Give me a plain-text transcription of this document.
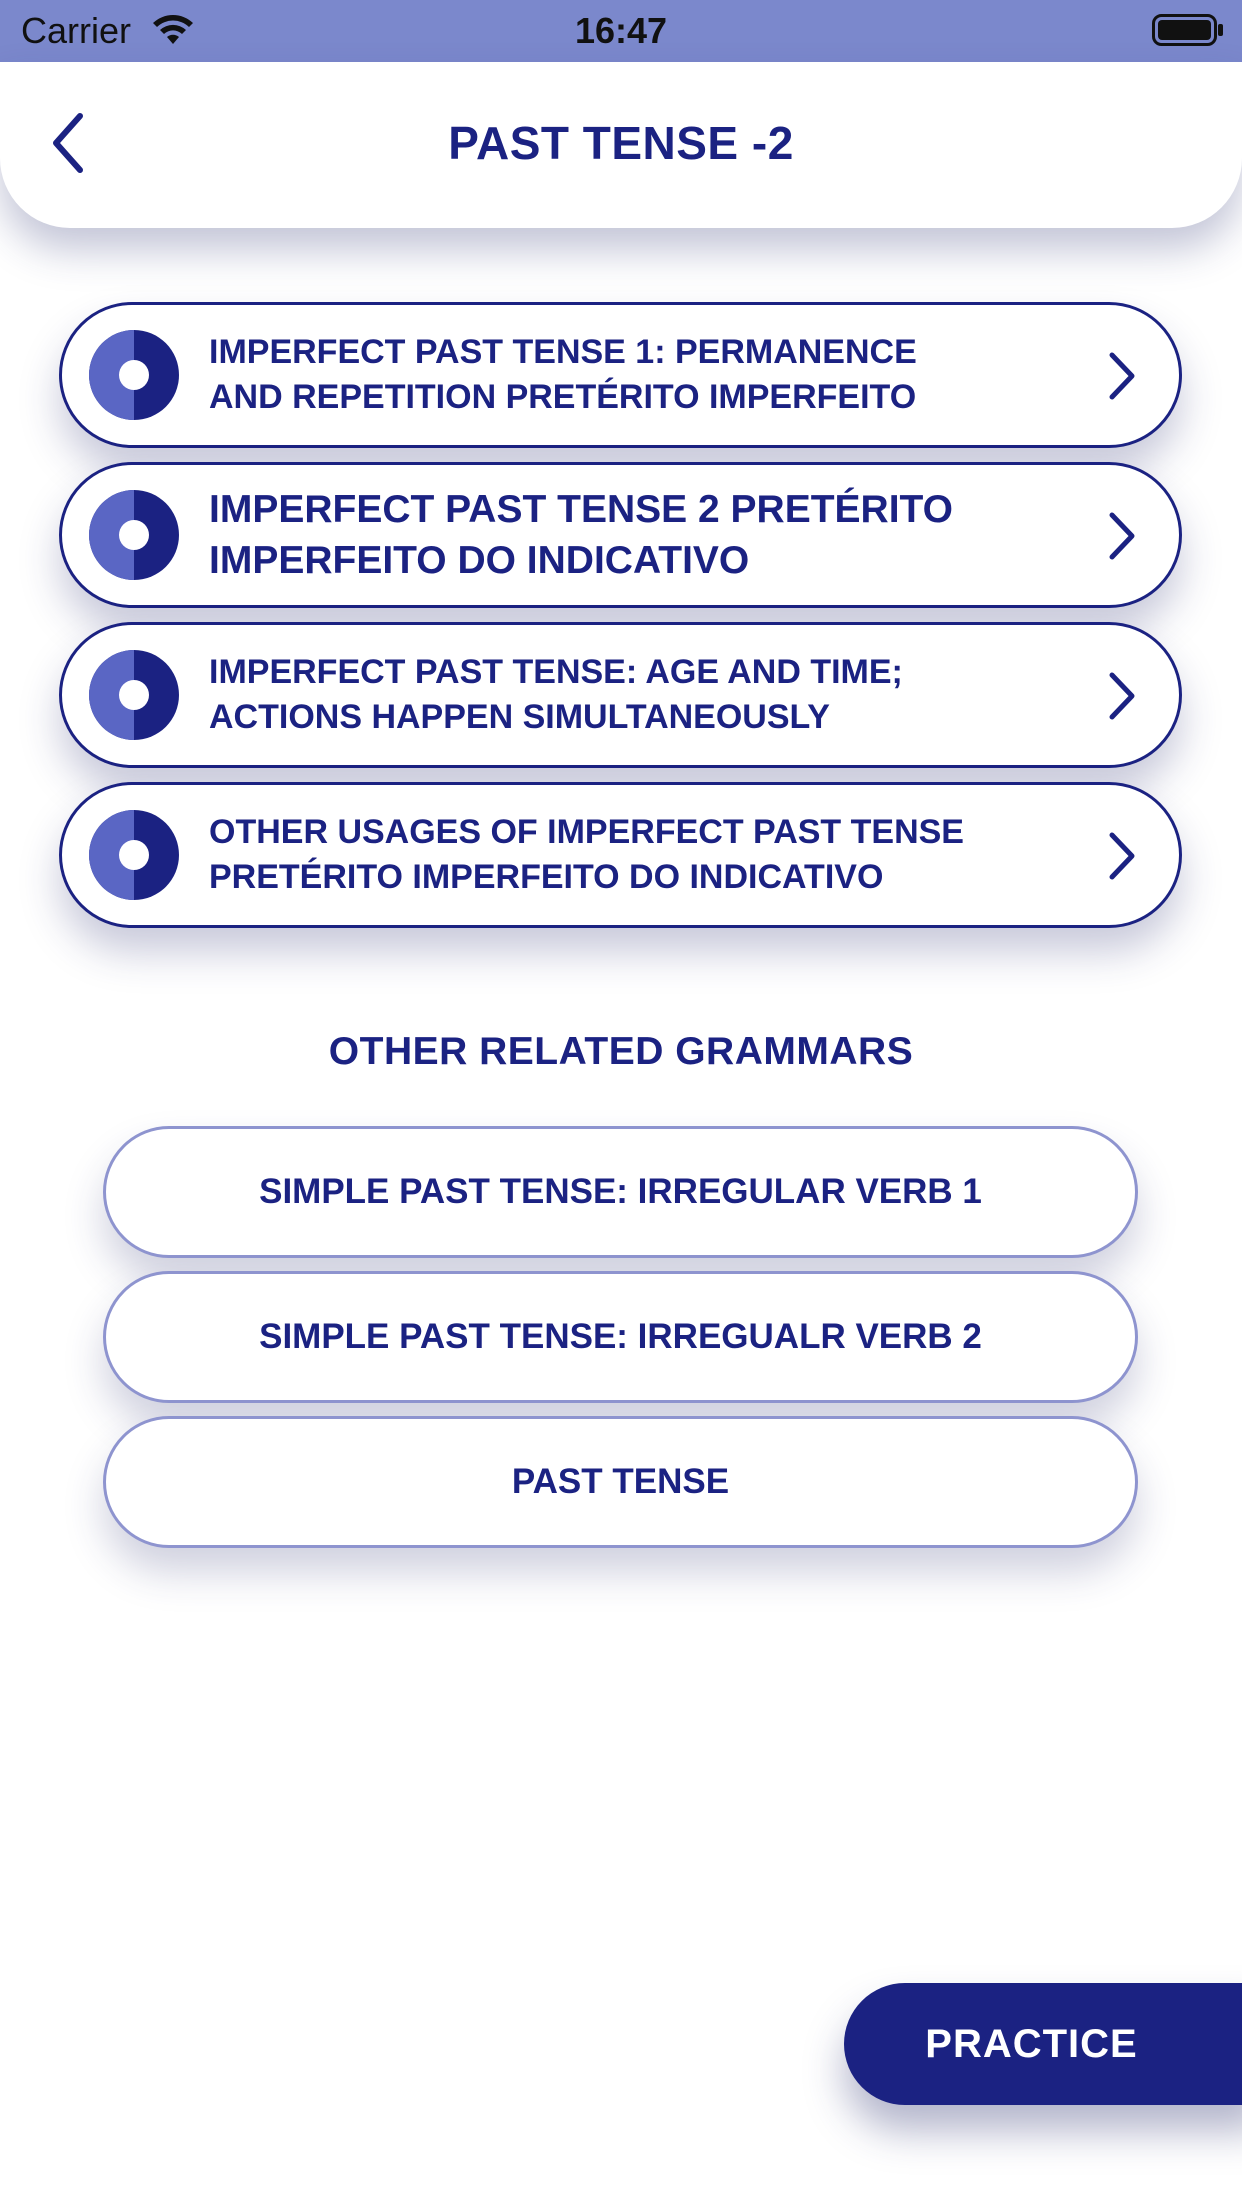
Carrier	16:47
PAST TENSE -2
IMPERFECT PAST TENSE 1: PERMANENCE
AND REPETITION PRETÉRITO IMPERFEITO
IMPERFECT PAST TENSE 2 PRETÉRITO
IMPERFEITO DO INDICATIVO
IMPERFECT PAST TENSE: AGE AND TIME;
ACTIONS HAPPEN SIMULTANEOUSLY
OTHER USAGES OF IMPERFECT PAST TENSE
PRETÉRITO IMPERFEITO DO INDICATIVO
OTHER RELATED GRAMMARS
SIMPLE PAST TENSE: IRREGULAR VERB 1
SIMPLE PAST TENSE: IRREGUALR VERB 2
PAST TENSE
PRACTICE
